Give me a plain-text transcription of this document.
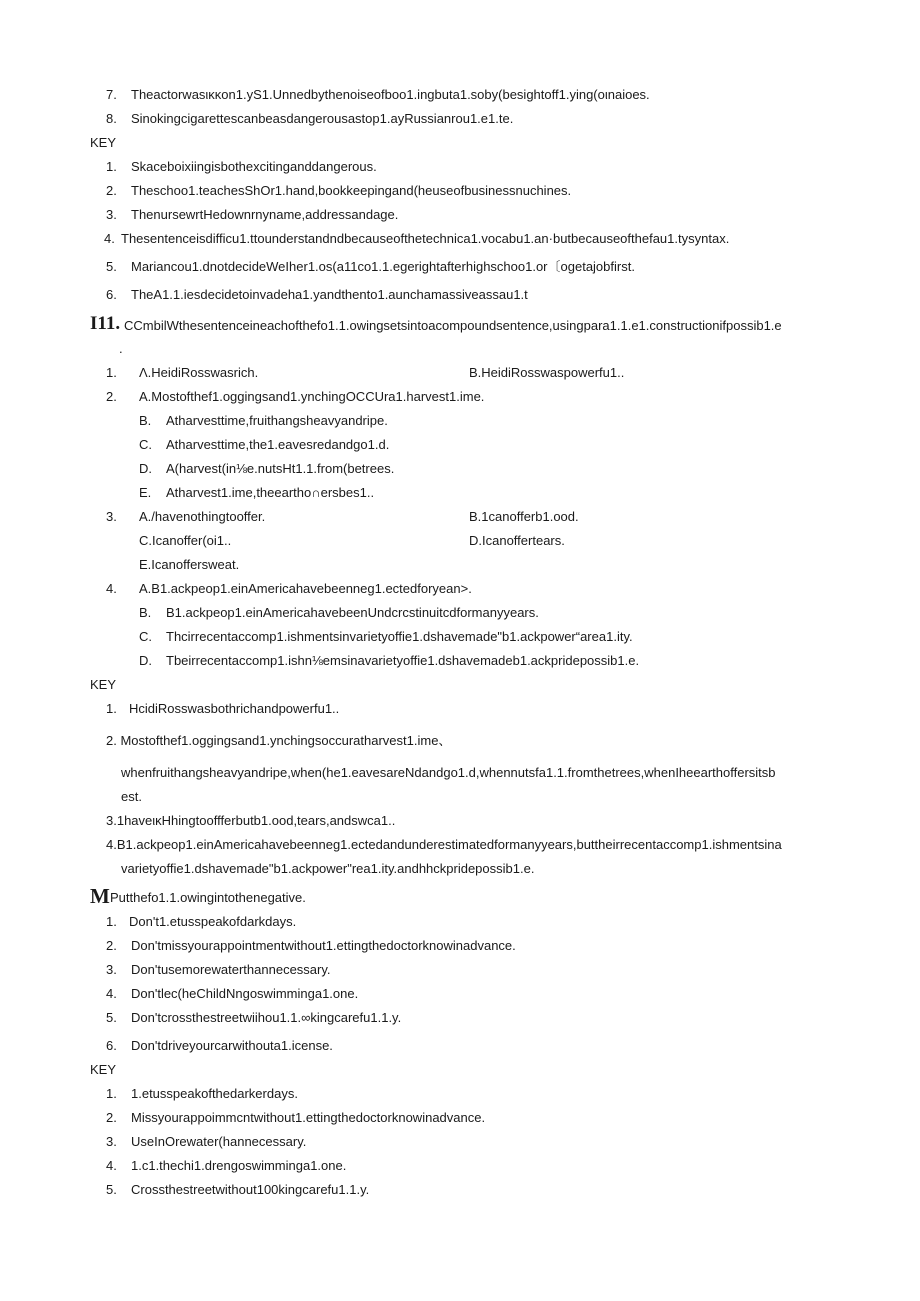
7. Theactorwasικκon1.yS1.Unnedbythenoiseofboo1.ingbuta1.soby(besightoff1.ying(οιnaioes.
8. Sinokingcigarettescanbeasdangerousastop1.ayRussianrou1.e1.te.
KEY
1. Skaceboixiingisbothexcitinganddangerous.
2. Theschoo1.teachesShOr1.hand,bookkeepingand(heuseofbusinessnuchines.
3. ThenursewrtHedownrnyname,addressandage.
4. Thesentenceisdifficu1.ttounderstandndbecauseofthetechnica1.vocabu1.an·butbecauseofthefau1.tysyntax.
5. Mariancou1.dnotdecideWeIher1.os(a11co1.1.egerightafterhighschoo1.or〔ogetajobfirst.
6. TheA1.1.iesdecidetoinvadeha1.yandthento1.aunchamassiveassau1.t
I11. CCmbilWthesentenceineachofthefo1.1.owingsetsintoacompoundsentence,usingpara1.1.e1.constructionifpossib1.e
.
1. Λ.HeidiRosswasrich.	B.HeidiRosswaspowerfu1..
2. A.Mostofthef1.oggingsand1.ynchingOCCUra1.harvest1.ime.
B. Atharvesttime,fruithangsheavyandripe.
C. Atharvesttime,the1.eavesredandgo1.d.
D. A(harvest(in⅛e.nutsHt1.1.from(betrees.
E. Atharvest1.ime,theeartho∩ersbes1..
3. A./havenothingtooffer.	B.1canofferb1.ood.
C.Icanoffer(oi1..	D.Icanoffertears.
E.Icanoffersweat.
4. A.B1.ackpeop1.einAmericahavebeenneg1.ectedforyean>.
B. B1.ackpeop1.einAmericahavebeenUndcrcstinuitcdformanyyears.
C. Thcirrecentaccomp1.ishmentsinvarietyoffie1.dshavemade"b1.ackpower“area1.ity.
D. Tbeirrecentaccomp1.ishn⅛emsinavarietyoffie1.dshavemadeb1.ackpridepossib1.e.
KEY
1. HcidiRosswasbothrichandpowerfu1..
2. Mostofthef1.oggingsand1.ynchingsoccuratharvest1.ime、
whenfruithangsheavyandripe,when(he1.eavesareNdandgo1.d,whennutsfa1.1.fromthetrees,whenIheearthoffersitsb
est.
3.1haveικHhingtooffferbutb1.ood,tears,andswca1..
4.B1.ackpeop1.einAmericahavebeenneg1.ectedandunderestimatedformanyyears,buttheirrecentaccomp1.ishmentsina
varietyoffie1.dshavemade"b1.ackpower"rea1.ity.andhhckpridepossib1.e.
M Putthefo1.1.owingintothenegative.
1. Don't1.etusspeakofdarkdays.
2. Don'tmissyourappointmentwithout1.ettingthedoctorknowinadvance.
3. Don'tusemorewaterthannecessary.
4. Don'tlec(heChildNngoswimminga1.one.
5. Don'tcrossthestreetwiihou1.1.∞kingcarefu1.1.y.
6. Don'tdriveyourcarwithouta1.icense.
KEY
1. 1.etusspeakofthedarkerdays.
2. Missyourappoimmcntwithout1.ettingthedoctorknowinadvance.
3. UseInOrewater(hannecessary.
4. 1.c1.thechi1.drengoswimminga1.one.
5. Crossthestreetwithout100kingcarefu1.1.y.
